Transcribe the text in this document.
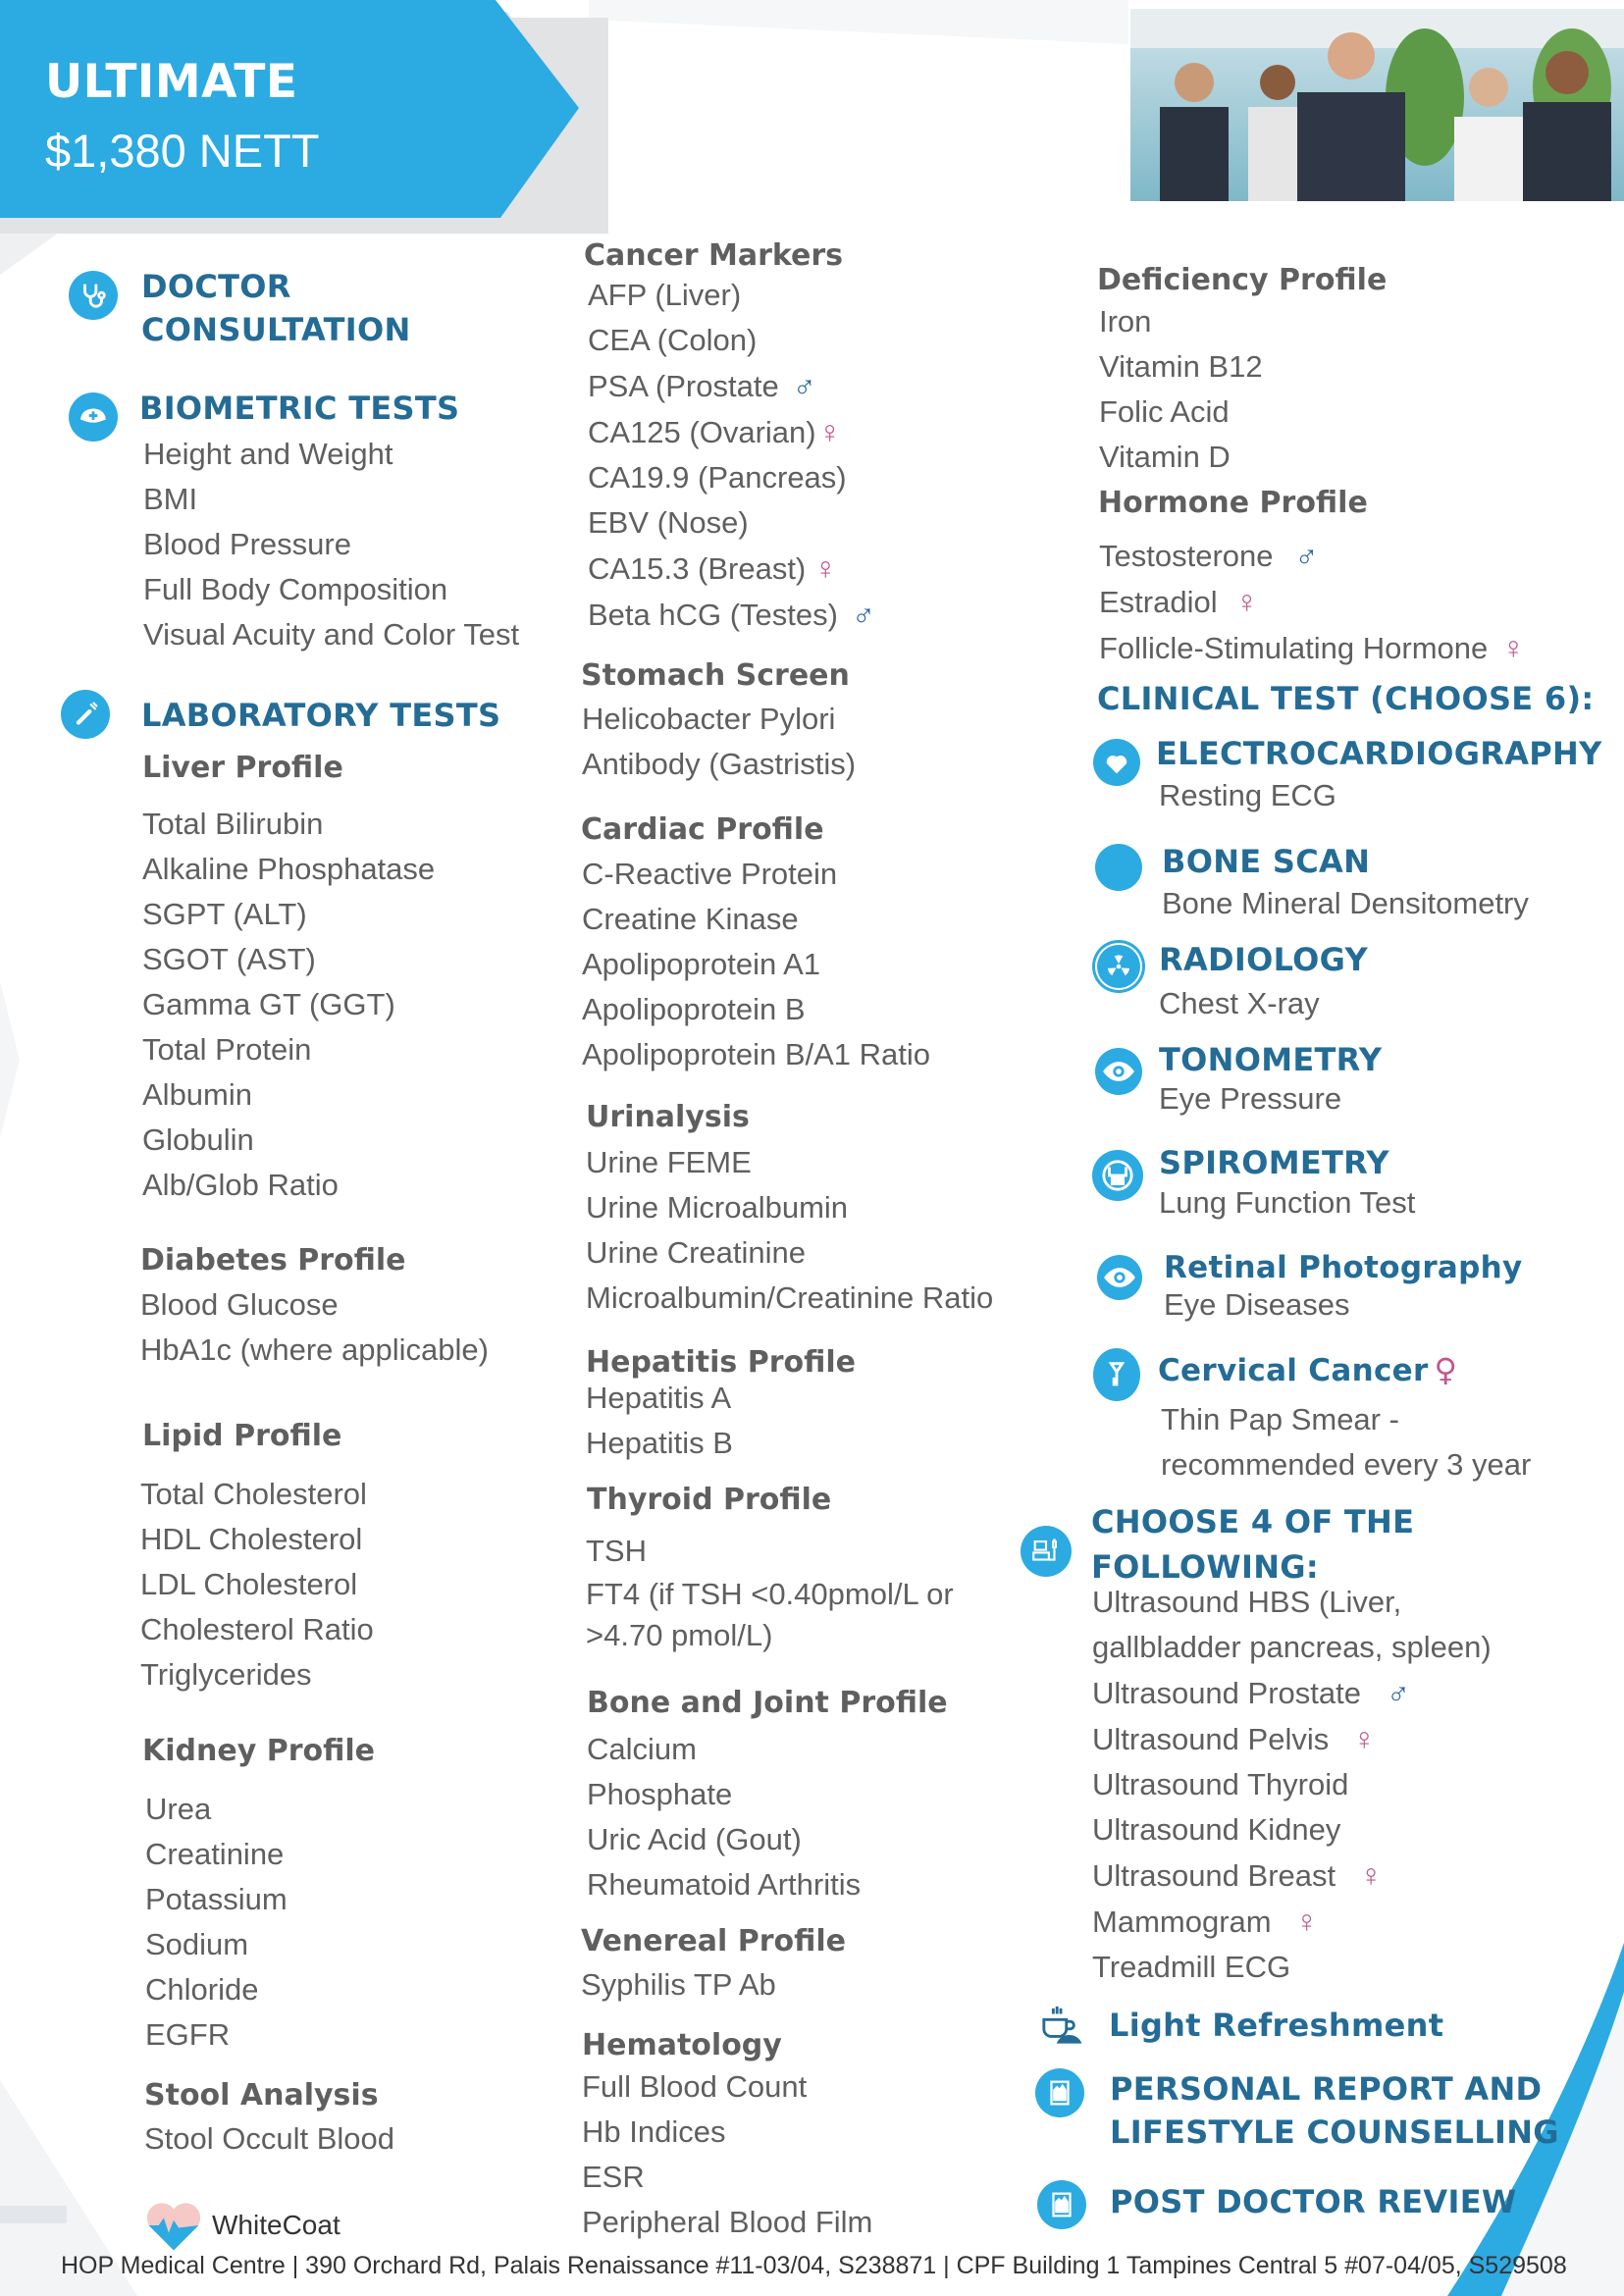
ULTIMATE
$1,380 NETT
DOCTOR
CONSULTATION
BIOMETRIC TESTS
Height and Weight
BMI
Blood Pressure
Full Body Composition
Visual Acuity and Color Test
LABORATORY TESTS
Liver Profile
Total Bilirubin
Alkaline Phosphatase
SGPT (ALT)
SGOT (AST)
Gamma GT (GGT)
Total Protein
Albumin
Globulin
Alb/Glob Ratio
Diabetes Profile
Blood Glucose
HbA1c (where applicable)
Lipid Profile
Total Cholesterol
HDL Cholesterol
LDL Cholesterol
Cholesterol Ratio
Triglycerides
Kidney Profile
Urea
Creatinine
Potassium
Sodium
Chloride
EGFR
Stool Analysis
Stool Occult Blood
Cancer Markers
AFP (Liver)
CEA (Colon)
PSA (Prostate ♂
CA125 (Ovarian)♀
CA19.9 (Pancreas)
EBV (Nose)
CA15.3 (Breast) ♀
Beta hCG (Testes) ♂
Stomach Screen
Helicobacter Pylori
Antibody (Gastristis)
Cardiac Profile
C-Reactive Protein
Creatine Kinase
Apolipoprotein A1
Apolipoprotein B
Apolipoprotein B/A1 Ratio
Urinalysis
Urine FEME
Urine Microalbumin
Urine Creatinine
Microalbumin/Creatinine Ratio
Hepatitis Profile
Hepatitis A
Hepatitis B
Thyroid Profile
TSH
FT4 (if TSH <0.40pmol/L or
>4.70 pmol/L)
Bone and Joint Profile
Calcium
Phosphate
Uric Acid (Gout)
Rheumatoid Arthritis
Venereal Profile
Syphilis TP Ab
Hematology
Full Blood Count
Hb Indices
ESR
Peripheral Blood Film
Deficiency Profile
Iron
Vitamin B12
Folic Acid
Vitamin D
Hormone Profile
Testosterone ♂
Estradiol ♀
Follicle-Stimulating Hormone ♀
CLINICAL TEST (CHOOSE 6):
ELECTROCARDIOGRAPHY
Resting ECG
BONE SCAN
Bone Mineral Densitometry
RADIOLOGY
Chest X-ray
TONOMETRY
Eye Pressure
SPIROMETRY
Lung Function Test
Retinal Photography
Eye Diseases
Cervical Cancer ♀
Thin Pap Smear -
recommended every 3 year
CHOOSE 4 OF THE
FOLLOWING:
Ultrasound HBS (Liver,
gallbladder pancreas, spleen)
Ultrasound Prostate ♂
Ultrasound Pelvis ♀
Ultrasound Thyroid
Ultrasound Kidney
Ultrasound Breast ♀
Mammogram ♀
Treadmill ECG
Light Refreshment
PERSONAL REPORT AND
LIFESTYLE COUNSELLING
POST DOCTOR REVIEW
WhiteCoat
HOP Medical Centre | 390 Orchard Rd, Palais Renaissance #11-03/04, S238871 | CPF Building 1 Tampines Central 5 #07-04/05, S529508
